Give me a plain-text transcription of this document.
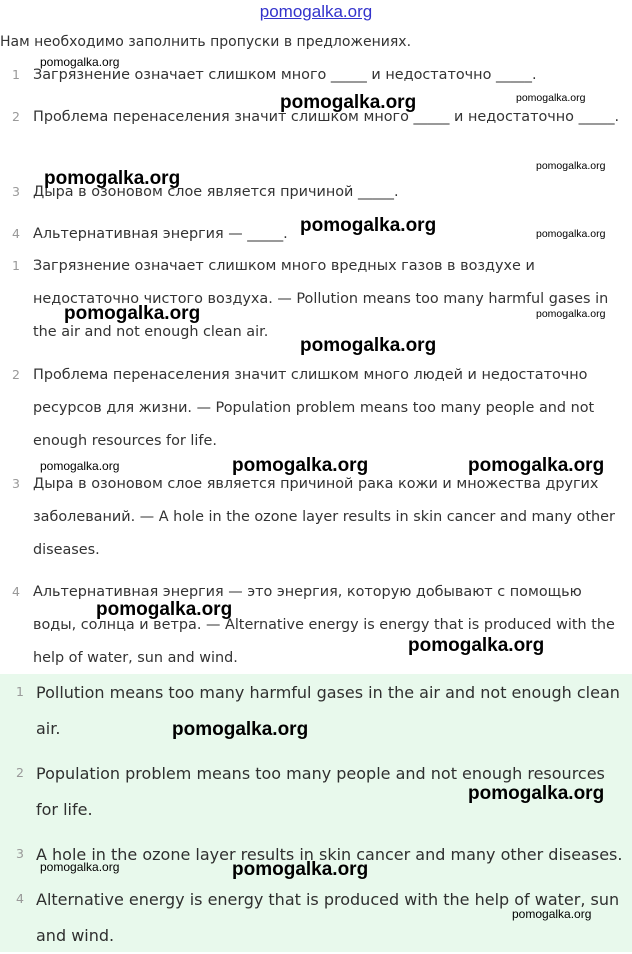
pomogalka.org
Нам необходимо заполнить пропуски в предложениях.
1 Загрязнение означает слишком много _____ и недостаточно _____.
2 Проблема перенаселения значит слишком много _____ и недостаточно _____.
3 Дыра в озоновом слое является причиной _____.
4 Альтернативная энергия — _____.
1 Загрязнение означает слишком много вредных газов в воздухе и недостаточно чистого воздуха. — Pollution means too many harmful gases in the air and not enough clean air.
2 Проблема перенаселения значит слишком много людей и недостаточно ресурсов для жизни. — Population problem means too many people and not enough resources for life.
3 Дыра в озоновом слое является причиной рака кожи и множества других заболеваний. — A hole in the ozone layer results in skin cancer and many other diseases.
4 Альтернативная энергия — это энергия, которую добывают с помощью воды, солнца и ветра. — Alternative energy is energy that is produced with the help of water, sun and wind.
1 Pollution means too many harmful gases in the air and not enough clean air.
2 Population problem means too many people and not enough resources for life.
3 A hole in the ozone layer results in skin cancer and many other diseases.
4 Alternative energy is energy that is produced with the help of water, sun and wind.
pomogalka.org
pomogalka.org	pomogalka.org
pomogalka.org
pomogalka.org
pomogalka.org	pomogalka.org
pomogalka.org	pomogalka.org
pomogalka.org
pomogalka.org	pomogalka.org	pomogalka.org
pomogalka.org
pomogalka.org
pomogalka.org
pomogalka.org
pomogalka.org	pomogalka.org
pomogalka.org
